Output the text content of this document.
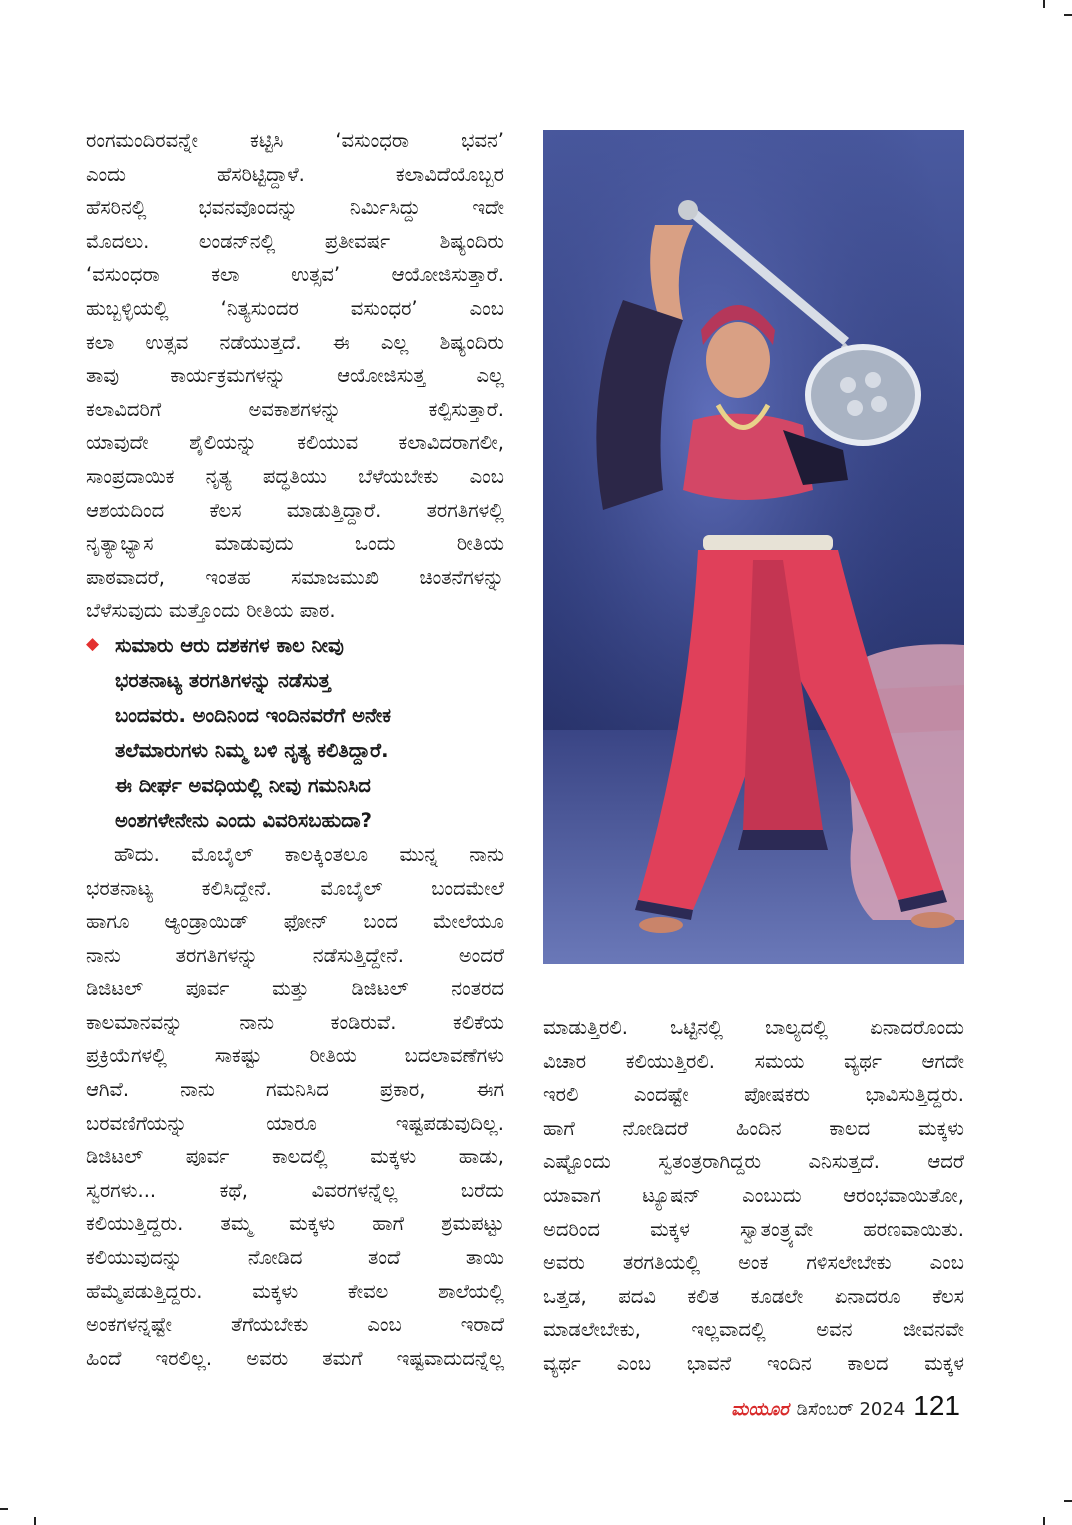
ರಂಗಮಂದಿರವನ್ನೇ ಕಟ್ಟಿಸಿ ‘ವಸುಂಧರಾ ಭವನ’

ಎಂದು ಹೆಸರಿಟ್ಟಿದ್ದಾಳೆ. ಕಲಾವಿದೆಯೊಬ್ಬರ

ಹೆಸರಿನಲ್ಲಿ ಭವನವೊಂದನ್ನು ನಿರ್ಮಿಸಿದ್ದು ಇದೇ

ಮೊದಲು. ಲಂಡನ್‌ನಲ್ಲಿ ಪ್ರತೀವರ್ಷ ಶಿಷ್ಯಂದಿರು

‘ವಸುಂಧರಾ ಕಲಾ ಉತ್ಸವ’ ಆಯೋಜಿಸುತ್ತಾರೆ.

ಹುಬ್ಬಳ್ಳಿಯಲ್ಲಿ ‘ನಿತ್ಯಸುಂದರ ವಸುಂಧರ’ ಎಂಬ

ಕಲಾ ಉತ್ಸವ ನಡೆಯುತ್ತದೆ. ಈ ಎಲ್ಲ ಶಿಷ್ಯಂದಿರು

ತಾವು ಕಾರ್ಯಕ್ರಮಗಳನ್ನು ಆಯೋಜಿಸುತ್ತ ಎಲ್ಲ

ಕಲಾವಿದರಿಗೆ ಅವಕಾಶಗಳನ್ನು ಕಲ್ಪಿಸುತ್ತಾರೆ.

ಯಾವುದೇ ಶೈಲಿಯನ್ನು ಕಲಿಯುವ ಕಲಾವಿದರಾಗಲೀ,

ಸಾಂಪ್ರದಾಯಿಕ ನೃತ್ಯ ಪದ್ಧತಿಯು ಬೆಳೆಯಬೇಕು ಎಂಬ

ಆಶಯದಿಂದ ಕೆಲಸ ಮಾಡುತ್ತಿದ್ದಾರೆ. ತರಗತಿಗಳಲ್ಲಿ

ನೃತ್ಯಾಭ್ಯಾಸ ಮಾಡುವುದು ಒಂದು ರೀತಿಯ

ಪಾಠವಾದರೆ, ಇಂತಹ ಸಮಾಜಮುಖಿ ಚಿಂತನೆಗಳನ್ನು

ಬೆಳೆಸುವುದು ಮತ್ತೊಂದು ರೀತಿಯ ಪಾಠ.

◆ ಸುಮಾರು ಆರು ದಶಕಗಳ ಕಾಲ ನೀವು
ಭರತನಾಟ್ಯ ತರಗತಿಗಳನ್ನು ನಡೆಸುತ್ತ
ಬಂದವರು. ಅಂದಿನಿಂದ ಇಂದಿನವರೆಗೆ ಅನೇಕ
ತಲೆಮಾರುಗಳು ನಿಮ್ಮ ಬಳಿ ನೃತ್ಯ ಕಲಿತಿದ್ದಾರೆ.
ಈ ದೀರ್ಘ ಅವಧಿಯಲ್ಲಿ ನೀವು ಗಮನಿಸಿದ
ಅಂಶಗಳೇನೇನು ಎಂದು ವಿವರಿಸಬಹುದಾ?

ಹೌದು. ಮೊಬೈಲ್ ಕಾಲಕ್ಕಿಂತಲೂ ಮುನ್ನ ನಾನು

ಭರತನಾಟ್ಯ ಕಲಿಸಿದ್ದೇನೆ. ಮೊಬೈಲ್ ಬಂದಮೇಲೆ

ಹಾಗೂ ಆ್ಯಂಡ್ರಾಯಿಡ್ ಫೋನ್ ಬಂದ ಮೇಲೆಯೂ

ನಾನು ತರಗತಿಗಳನ್ನು ನಡೆಸುತ್ತಿದ್ದೇನೆ. ಅಂದರೆ

ಡಿಜಿಟಲ್ ಪೂರ್ವ ಮತ್ತು ಡಿಜಿಟಲ್ ನಂತರದ

ಕಾಲಮಾನವನ್ನು ನಾನು ಕಂಡಿರುವೆ. ಕಲಿಕೆಯ

ಪ್ರಕ್ರಿಯೆಗಳಲ್ಲಿ ಸಾಕಷ್ಟು ರೀತಿಯ ಬದಲಾವಣೆಗಳು

ಆಗಿವೆ. ನಾನು ಗಮನಿಸಿದ ಪ್ರಕಾರ, ಈಗ

ಬರವಣಿಗೆಯನ್ನು ಯಾರೂ ಇಷ್ಟಪಡುವುದಿಲ್ಲ.

ಡಿಜಿಟಲ್ ಪೂರ್ವ ಕಾಲದಲ್ಲಿ ಮಕ್ಕಳು ಹಾಡು,

ಸ್ವರಗಳು... ಕಥೆ, ವಿವರಗಳನ್ನೆಲ್ಲ ಬರೆದು

ಕಲಿಯುತ್ತಿದ್ದರು. ತಮ್ಮ ಮಕ್ಕಳು ಹಾಗೆ ಶ್ರಮಪಟ್ಟು

ಕಲಿಯುವುದನ್ನು ನೋಡಿದ ತಂದೆ ತಾಯಿ

ಹೆಮ್ಮೆಪಡುತ್ತಿದ್ದರು. ಮಕ್ಕಳು ಕೇವಲ ಶಾಲೆಯಲ್ಲಿ

ಅಂಕಗಳನ್ನಷ್ಟೇ ತೆಗೆಯಬೇಕು ಎಂಬ ಇರಾದೆ

ಹಿಂದೆ ಇರಲಿಲ್ಲ. ಅವರು ತಮಗೆ ಇಷ್ಟವಾದುದನ್ನೆಲ್ಲ

ಮಾಡುತ್ತಿರಲಿ. ಒಟ್ಟಿನಲ್ಲಿ ಬಾಲ್ಯದಲ್ಲಿ ಏನಾದರೊಂದು

ವಿಚಾರ ಕಲಿಯುತ್ತಿರಲಿ. ಸಮಯ ವ್ಯರ್ಥ ಆಗದೇ

ಇರಲಿ ಎಂದಷ್ಟೇ ಪೋಷಕರು ಭಾವಿಸುತ್ತಿದ್ದರು.

ಹಾಗೆ ನೋಡಿದರೆ ಹಿಂದಿನ ಕಾಲದ ಮಕ್ಕಳು

ಎಷ್ಟೊಂದು ಸ್ವತಂತ್ರರಾಗಿದ್ದರು ಎನಿಸುತ್ತದೆ. ಆದರೆ

ಯಾವಾಗ ಟ್ಯೂಷನ್ ಎಂಬುದು ಆರಂಭವಾಯಿತೋ,

ಅದರಿಂದ ಮಕ್ಕಳ ಸ್ವಾತಂತ್ರ್ಯವೇ ಹರಣವಾಯಿತು.

ಅವರು ತರಗತಿಯಲ್ಲಿ ಅಂಕ ಗಳಿಸಲೇಬೇಕು ಎಂಬ

ಒತ್ತಡ, ಪದವಿ ಕಲಿತ ಕೂಡಲೇ ಏನಾದರೂ ಕೆಲಸ

ಮಾಡಲೇಬೇಕು, ಇಲ್ಲವಾದಲ್ಲಿ ಅವನ ಜೀವನವೇ

ವ್ಯರ್ಥ ಎಂಬ ಭಾವನೆ ಇಂದಿನ ಕಾಲದ ಮಕ್ಕಳ

ಮಯೂರ ಡಿಸೆಂಬರ್ 2024 121
